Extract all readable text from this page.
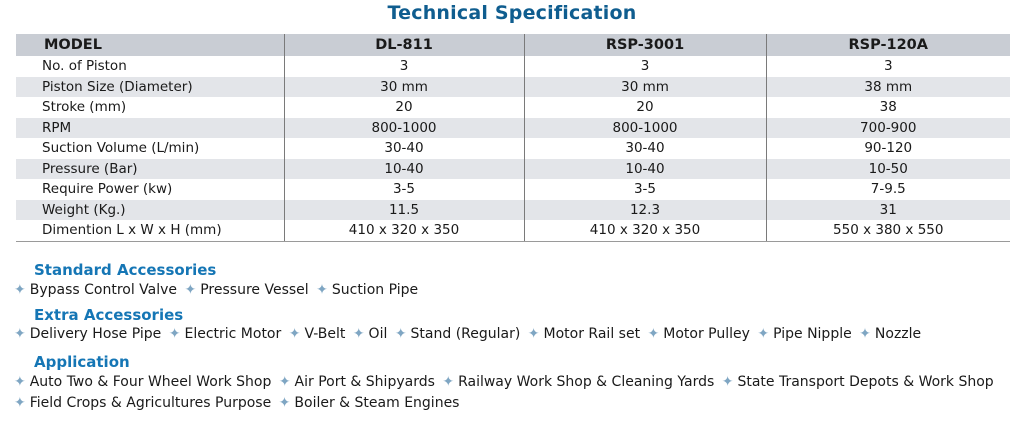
Technical Specification
MODEL	DL-811	RSP-3001	RSP-120A
No. of Piston	3	3	3
Piston Size (Diameter)	30 mm	30 mm	38 mm
Stroke (mm)	20	20	38
RPM	800-1000	800-1000	700-900
Suction Volume (L/min)	30-40	30-40	90-120
Pressure (Bar)	10-40	10-40	10-50
Require Power (kw)	3-5	3-5	7-9.5
Weight (Kg.)	11.5	12.3	31
Dimention L x W x H (mm)	410 x 320 x 350	410 x 320 x 350	550 x 380 x 550
Standard Accessories
✦ Bypass Control Valve ✦ Pressure Vessel ✦ Suction Pipe
Extra Accessories
✦ Delivery Hose Pipe ✦ Electric Motor ✦ V-Belt ✦ Oil ✦ Stand (Regular) ✦ Motor Rail set ✦ Motor Pulley ✦ Pipe Nipple ✦ Nozzle
Application
✦ Auto Two & Four Wheel Work Shop ✦ Air Port & Shipyards ✦ Railway Work Shop & Cleaning Yards ✦ State Transport Depots & Work Shop
✦ Field Crops & Agricultures Purpose ✦ Boiler & Steam Engines
